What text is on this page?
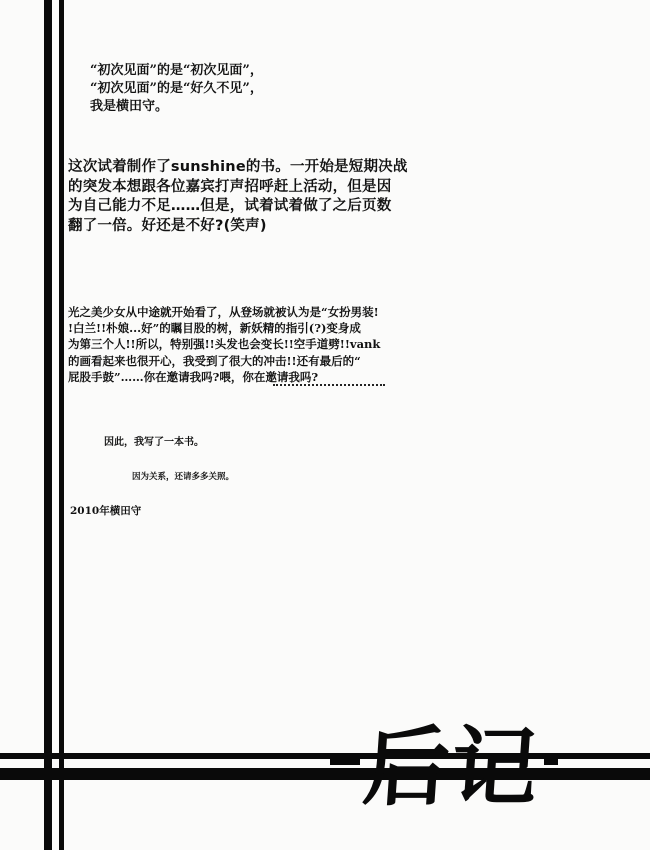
“初次见面”的是“初次见面”，
“初次见面”的是“好久不见”，
我是横田守。
这次试着制作了sunshine的书。一开始是短期决战
的突发本想跟各位嘉宾打声招呼赶上活动，但是因
为自己能力不足……但是，试着试着做了之后页数
翻了一倍。好还是不好?(笑声)
光之美少女从中途就开始看了，从登场就被认为是“女扮男装!
!白兰!!朴娘...好”的瞩目股的树，新妖精的指引(?)变身成
为第三个人!!所以，特别强!!头发也会变长!!空手道劈!!vank
的画看起来也很开心，我受到了很大的冲击!!还有最后的“
屁股手鼓”……你在邀请我吗?喂，你在邀请我吗?
因此，我写了一本书。
因为关系，还请多多关照。
2010年横田守
后记
